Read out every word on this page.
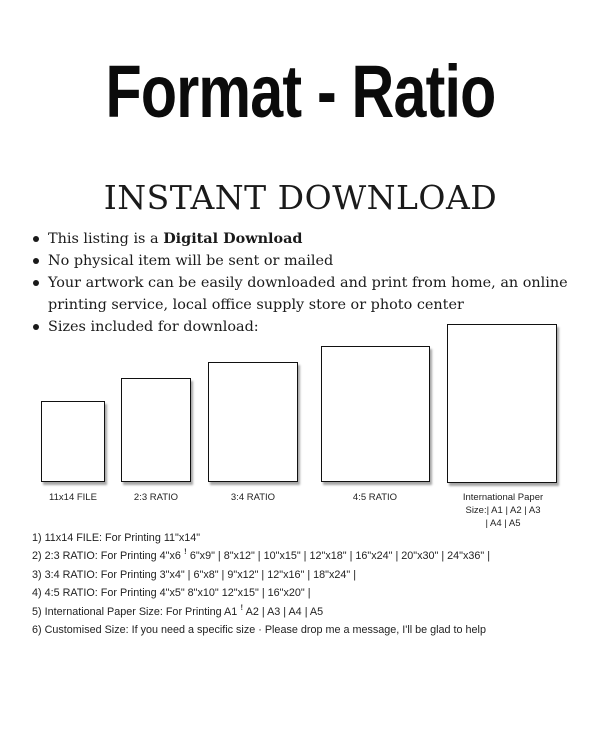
Format - Ratio
INSTANT DOWNLOAD
This listing is a Digital Download
No physical item will be sent or mailed
Your artwork can be easily downloaded and print from home, an online printing service, local office supply store or photo center
Sizes included for download:
11x14 FILE	2:3 RATIO	3:4 RATIO	4:5 RATIO	International Paper
Size:| A1 | A2 | A3
| A4 | A5
1) 11x14 FILE: For Printing 11"x14"
2) 2:3 RATIO: For Printing 4"x6 ꜝ 6"x9" | 8"x12" | 10"x15" | 12"x18" | 16"x24" | 20"x30" | 24"x36" |
3) 3:4 RATIO: For Printing 3"x4" | 6"x8" | 9"x12" | 12"x16" | 18"x24" |
4) 4:5 RATIO: For Printing 4"x5" 8"x10" 12"x15" | 16"x20" |
5) International Paper Size: For Printing A1 ꜝ A2 | A3 | A4 | A5
6) Customised Size: If you need a specific size · Please drop me a message, I'll be glad to help
